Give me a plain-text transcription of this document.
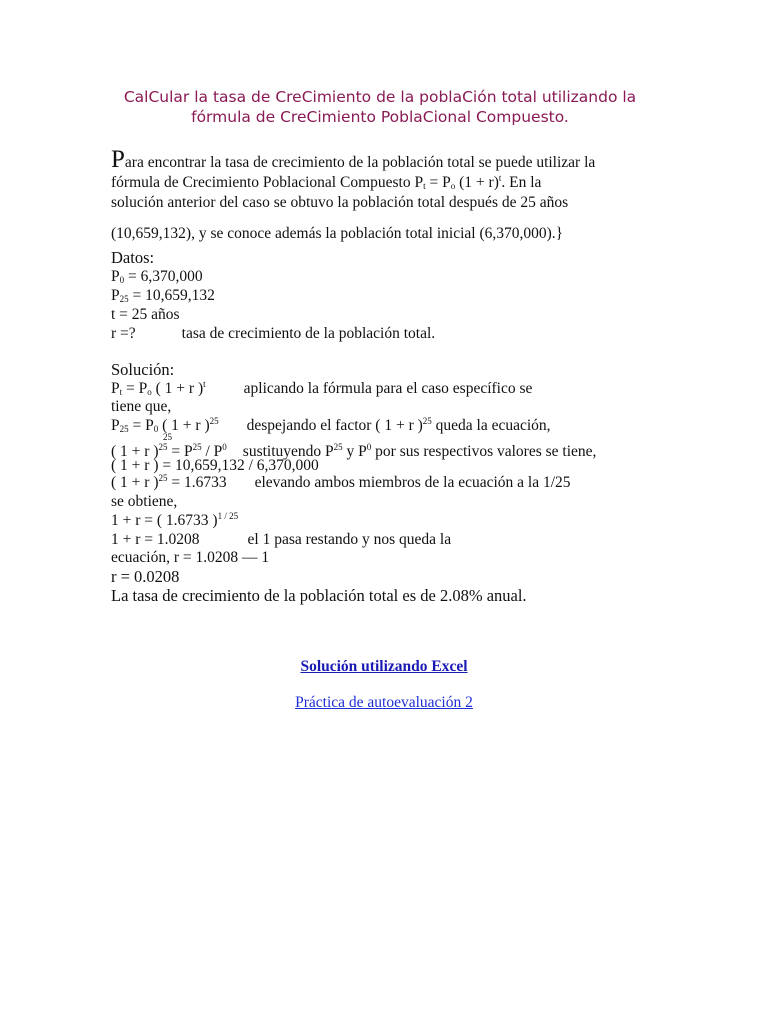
CalCular la tasa de CreCimiento de la poblaCión total utilizando la fórmula de CreCimiento PoblaCional Compuesto.
Para encontrar la tasa de crecimiento de la población total se puede utilizar la
fórmula de Crecimiento Poblacional Compuesto $P_t = P_o$ $(1 + r)^t$. En la
solución anterior del caso se obtuvo la población total después de 25 años
(10,659,132), y se conoce además la población total inicial (6,370,000).}
Datos:
$P_0 = 6,370,000$
$P_{25} = 10,659,132$
t = 25 años
r =?	tasa de crecimiento de la población total.
Solución:
$P_t = P_o$ ( 1 + r )$^t$ aplicando la fórmula para el caso específico se
tiene que,
$P_{25} = P_0$ ( 1 + r )$^{25}$ despejando el factor ( 1 + r )$^{25}$ queda la ecuación,
25
( 1 + r )$^{25} = P^{25} / P^0$ sustituyendo $P^{25}$ y $P^0$ por sus respectivos valores se tiene,
( 1 + r ) = 10,659,132 / 6,370,000
( 1 + r )$^{25}$ = 1.6733 elevando ambos miembros de la ecuación a la 1/25
se obtiene,
1 + r = ( 1.6733 )$^{1 / 25}$
1 + r = 1.0208	el 1 pasa restando y nos queda la
ecuación, r = 1.0208 — 1
r = 0.0208
La tasa de crecimiento de la población total es de 2.08% anual.
Solución utilizando Excel
Práctica de autoevaluación 2
